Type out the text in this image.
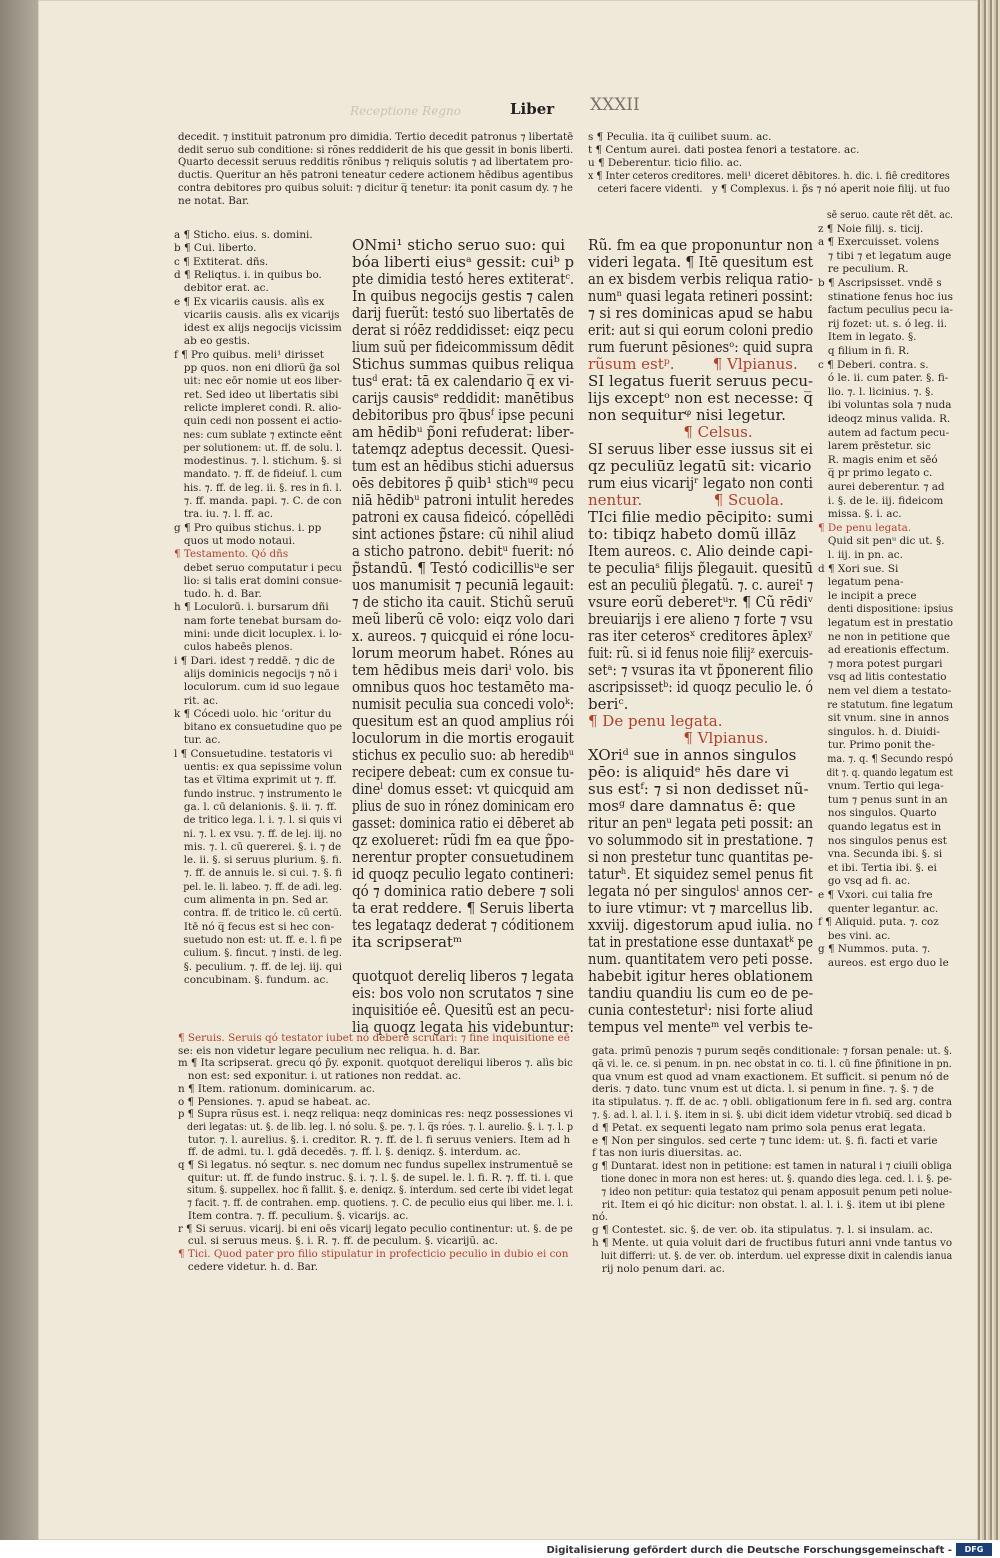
Receptione Regno	Liber XXXII
decedit. ⁊ instituit patronum pro dimidia. Tertio decedit patronus ⁊ libertatē
dedit seruo sub conditione: si rõnes reddiderit de his que gessit in bonis liberti.
Quarto decessit seruus redditis rõnibus ⁊ reliquis solutis ⁊ ad libertatem pro-
ductis. Queritur an hēs patroni teneatur cedere actionem hēdibus agentibus
contra debitores pro quibus soluit: ⁊ dicitur q̅ tenetur: ita ponit casum dy. ⁊ he
ne notat. Bar.
a ¶ Sticho. eius. s. domini.
b ¶ Cui. liberto.
c ¶ Extiterat. dñs.
d ¶ Reliqtus. i. in quibus bo.
debitor erat. ac.
e ¶ Ex vicariis causis. alìs ex
vicariis causis. alìs ex vicarijs
idest ex alijs negocijs vicissim
ab eo gestis.
f ¶ Pro quibus. meli¹ dirisset
pp quos. non eni dliorũ g̃a sol
uit: nec eōr nomie ut eos liber-
ret. Sed ideo ut libertatis sibi
relicte impleret condi. R. alio-
quin cedi non possent ei actio-
nes: cum sublate ⁊ extincte eēnt
per solutionem: ut. ff. de solu. l.
modestinus. ⁊. l. stichum. §. si
mandato. ⁊. ff. de fideiuf. l. cum
his. ⁊. ff. de leg. ii. §. res in fi. l.
⁊. ff. manda. papi. ⁊. C. de con
tra. iu. ⁊. l. ff. ac.
g ¶ Pro quibus stichus. i. pp
quos ut modo notaui.
¶ Testamento. Qó dñs
debet seruo computatur i pecu
lio: si talis erat domini consue-
tudo. h. d. Bar.
h ¶ Loculorū. i. bursarum dñi
nam forte tenebat bursam do-
mini: unde dicit locuplex. i. lo-
culos habeēs plenos.
i ¶ Dari. idest ⁊ reddē. ⁊ dic de
alijs dominicis negocijs ⁊ nō i
loculorum. cum id suo legaue
rit. ac.
k ¶ Cócedi uolo. hic ’oritur du
bitano ex consuetudine quo pe
tur. ac.
l ¶ Consuetudine. testatoris vi
uentis: ex qua sepissime volun
tas et v̅ltima exprimit ut ⁊. ff.
fundo instruc. ⁊ instrumento le
ga. l. cū delanionis. §. ii. ⁊. ff.
de tritico lega. l. i. ⁊. l. si quis vi
ni. ⁊. l. ex vsu. ⁊. ff. de lej. iij. no
mis. ⁊. l. cū quererei. §. i. ⁊ de
le. ii. §. si seruus plurium. §. fi.
⁊. ff. de annuis le. si cui. ⁊. §. fi
pel. le. li. labeo. ⁊. ff. de adi. leg.
cum alimenta in pn. Sed ar.
contra. ff. de tritico le. cū certū.
Itē nó q̅ fecus est si hec con-
suetudo non est: ut. ff. e. l. fi pe
culium. §. fincut. ⁊ insti. de leg.
§. peculium. ⁊. ff. de lej. iij. qui
concubinam. §. fundum. ac.
ONmi¹ sticho seruo suo: qui
bóa liberti eiusᵃ gessit: cuiᵇ p
pte dimidia testó heres extiteratᶜ.
In quibus negocijs gestis ⁊ calen
darij fuerũt: testó suo libertatēs de
derat si róēz reddidisset: eiqz pecu
lium suũ per fideicommissum dēdit
Stichus summas quibus reliqua
tusᵈ erat: tā ex calendario q̅ ex vi-
carijs causisᵉ reddidit: manētibus
debitoribus pro q̅busᶠ ipse pecuni
am hēdibᵘ p̃oni refuderat: liber-
tatemqz adeptus decessit. Quesi-
tum est an hēdibus stichi aduersus
oēs debitores p̃ quib¹ stichᵘᵍ pecu
niā hēdibᵘ patroni intulit heredes
patroni ex causa fideicó. cópellēdi
sint actiones p̃stare: cũ nihil aliud
a sticho patrono. debitᵘ fuerit: nó
p̃standū. ¶ Testó codicillisᵘe ser
uos manumisit ⁊ pecuniā legauit:
⁊ de sticho ita cauit. Stichũ seruū
meũ liberũ cē volo: eiqz volo dari
x. aureos. ⁊ quicquid ei róne locu-
lorum meorum habet. Rónes au
tem hēdibus meis dariⁱ volo. bis
omnibus quos hoc testamēto ma-
numisit peculia sua concedi voloᵏ:
quesitum est an quod amplius rói
loculorum in die mortis erogauit
stichus ex peculio suo: ab heredibᵘ
recipere debeat: cum ex consue tu-
dineˡ domus esset: vt quicquid am
plius de suo in rónez dominicam ero
gasset: dominica ratio ei dēberet ab
qz exolueret: rũdi fm ea que p̃po-
nerentur propter consuetudinem
id quoqz peculio legato contineri:
qó ⁊ dominica ratio debere ⁊ soli
ta erat reddere. ¶ Seruis liberta
tes legataqz dederat ⁊ códitionem
ita scripseratᵐ
quotquot dereliq liberos ⁊ legata
eis: bos volo non scrutatos ⁊ sine
inquisitióe eê. Quesitũ est an pecu-
lia quoqz legata his videbuntur:
Rũ. fm ea que proponuntur non
videri legata. ¶ Itē quesitum est
an ex bisdem verbis reliqua ratio-
numⁿ quasi legata retineri possint:
⁊ si res dominicas apud se habu
erit: aut si qui eorum coloni predio
rum fuerunt pēsionesᵒ: quid supra
rũsum estᵖ.        ¶ Vlpianus.
SI legatus fuerit seruus pecu-
lijs exceptᵒ non est necesse: q̅
non sequiturᵠ nisi legetur.
¶ Celsus.
SI seruus liber esse iussus sit ei
qz peculiūz legatū sit: vicario
rum eius vicarijʳ legato non conti
nentur.               ¶ Scuola.
TIci filie medio pēcipito: sumi
to: tibiqz habeto domũ illāz
Item aureos. c. Alio deinde capi-
te peculiaˢ filijs p̃legauit. quesitū
est an peculiũ p̃legatũ. ⁊. c. aureiᵗ ⁊
vsure eorũ deberetᵘr. ¶ Cũ rēdiᵛ
breuiarijs i ere alieno ⁊ forte ⁊ vsu
ras iter ceterosˣ creditores āplexʸ
fuit: rũ. si id fenus noie filijᶻ exercuis-
setᵃ: ⁊ vsuras ita vt p̃ponerent filio
ascripsissetᵇ: id quoqz peculio le. ó
beriᶜ.
¶ De penu legata.
¶ Vlpianus.
XOriᵈ sue in annos singulos
pēo: is aliquidᵉ hēs dare vi
sus estᶠ: ⁊ si non dedisset nũ-
mosᵍ dare damnatus ē: que
ritur an penᵘ legata peti possit: an
vo solummodo sit in prestatione. ⁊
si non prestetur tunc quantitas pe-
taturʰ. Et siquidez semel penus fit
legata nó per singulosⁱ annos cer-
to iure vtimur: vt ⁊ marcellus lib.
xxviij. digestorum apud iulia. no
tat in prestatione esse duntaxatᵏ pe
num. quantitatem vero peti posse.
habebit igitur heres oblationem
tandiu quandiu lis cum eo de pe-
cunia contesteturˡ: nisi forte aliud
tempus vel menteᵐ vel verbis te-
s ¶ Peculia. ita q̅ cuilibet suum. ac.
t ¶ Centum aurei. dati postea fenori a testatore. ac.
u ¶ Deberentur. ticio filio. ac.
x ¶ Inter ceteros creditores. meli¹ diceret dēbitores. h. dic. i. fiē creditores
ceteri facere videnti.   y ¶ Complexus. i. p̃s ⁊ nó aperit noie filij. ut fuo
sē seruo. caute rēt dēt. ac.
z ¶ Noie filij. s. ticij.
a ¶ Exercuisset. volens
⁊ tibi ⁊ et legatum auge
re peculium. R.
b ¶ Ascripsisset. vndē s
stinatione fenus hoc ius
factum peculius pecu ia-
rij fozet: ut. s. ó leg. ii.
Item in legato. §.
q filium in fi. R.
c ¶ Deberi. contra. s.
ó le. ii. cum pater. §. fi-
lio. ⁊. l. licinius. ⁊. §.
ibi voluntas sola ⁊ nuda
ideoqz minus valida. R.
autem ad factum pecu-
larem prēstetur. sic
R. magis enim et sēó
q̅ pr primo legato c.
aurei deberentur. ⁊ ad
i. §. de le. iij. fideicom
missa. §. i. ac.
¶ De penu legata.
Quid sit penᵘ dic ut. §.
l. iij. in pn. ac.
d ¶ Xori sue. Si
legatum pena-
le incipit a prece
denti dispositione: ipsius
legatum est in prestatio
ne non in petitione que
ad ereationis effectum.
⁊ mora potest purgari
vsq ad litis contestatio
nem vel diem a testato-
re statutum. fine legatum
sit vnum. sine in annos
singulos. h. d. Diuidi-
tur. Primo ponit the-
ma. ⁊. q. ¶ Secundo respó
dit ⁊. q. quando legatum est
vnum. Tertio qui lega-
tum ⁊ penus sunt in an
nos singulos. Quarto
quando legatus est in
nos singulos penus est
vna. Secunda ibi. §. si
et ibi. Tertia ibi. §. ei
go vsq ad fi. ac.
e ¶ Vxori. cui talia fre
quenter legantur. ac.
f ¶ Aliquid. puta. ⁊. coz
bes vini. ac.
g ¶ Nummos. puta. ⁊.
aureos. est ergo duo le
¶ Seruis. Seruis qó testator iubet nó debere scrutari: ⁊ fine inquisitione eē
se: eis non videtur legare peculium nec reliqua. h. d. Bar.
m ¶ Ita scripserat. grecu qó p̃y. exponit. quotquot dereliqui liberos ⁊. alìs bic
non est: sed exponitur. i. ut rationes non reddat. ac.
n ¶ Item. rationum. dominicarum. ac.
o ¶ Pensiones. ⁊. apud se habeat. ac.
p ¶ Supra rũsus est. i. neqz reliqua: neqz dominicas res: neqz possessiones vi
deri legatas: ut. §. de lib. leg. l. nó solu. §. pe. ⁊. l. q̅s róes. ⁊. l. aurelio. §. i. ⁊. l. p
tutor. ⁊. l. aurelius. §. i. creditor. R. ⁊. ff. de l. fi seruus veniers. Item ad h
ff. de admi. tu. l. gdā decedēs. ⁊. ff. l. §. deniqz. §. interdum. ac.
q ¶ Si legatus. nó seqtur. s. nec domum nec fundus supellex instrumentuē se
quitur: ut. ff. de fundo instruc. §. i. ⁊. l. §. de supel. le. l. fi. R. ⁊. ff. ti. i. que
situm. §. suppellex. hoc ñ fallit. §. e. deniqz. §. interdum. sed certe ibi videt legat
⁊ facit. ⁊. ff. de contrahen. emp. quotiens. ⁊. C. de peculio eius qui liber. me. l. i.
Item contra. ⁊. ff. peculium. §. vicarijs. ac.
r ¶ Si seruus. vicarij. bi eni oēs vicarij legato peculio continentur: ut. §. de pe
cul. si seruus meus. §. i. R. ⁊. ff. de peculum. §. vicarijũ. ac.
¶ Tici. Quod pater pro filio stipulatur in profecticio peculio in dubio ei con
cedere videtur. h. d. Bar.
gata. primũ penozis ⁊ purum seqēs conditionale: ⁊ forsan penale: ut. §.
qã vi. le. ce. si penum. in pn. nec obstat in co. ti. l. cū fine p̃finitione in pn.
qua vnum est quod ad vnam exactionem. Et sufficit. si penum nó de
deris. ⁊ dato. tunc vnum est ut dicta. l. si penum in fine. ⁊. §. ⁊ de
ita stipulatus. ⁊. ff. de ac. ⁊ obli. obligationum fere in fi. sed arg. contra
⁊. §. ad. l. al. l. i. §. item in si. §. ubi dicit idem videtur vtrobiq̅. sed dicad b
d ¶ Petat. ex sequenti legato nam primo sola penus erat legata.
e ¶ Non per singulos. sed certe ⁊ tunc idem: ut. §. fi. facti et varie
f tas non iuris diuersitas. ac.
g ¶ Duntarat. idest non in petitione: est tamen in natural i ⁊ ciuili obliga
tione donec in mora non est heres: ut. §. quando dies lega. ced. l. i. §. pe-
⁊ ideo non petitur: quia testatoz qui penam apposuit penum peti nolue-
rit. Item ei qó hic dicitur: non obstat. l. al. l. i. §. item ut ibi plene
nó.
g ¶ Contestet. sic. §. de ver. ob. ita stipulatus. ⁊. l. si insulam. ac.
h ¶ Mente. ut quia voluit dari de fructibus futuri anni vnde tantus vo
luit differri: ut. §. de ver. ob. interdum. uel expresse dixit in calendis ianua
rij nolo penum dari. ac.
Digitalisierung gefördert durch die Deutsche Forschungsgemeinschaft -	DFG
